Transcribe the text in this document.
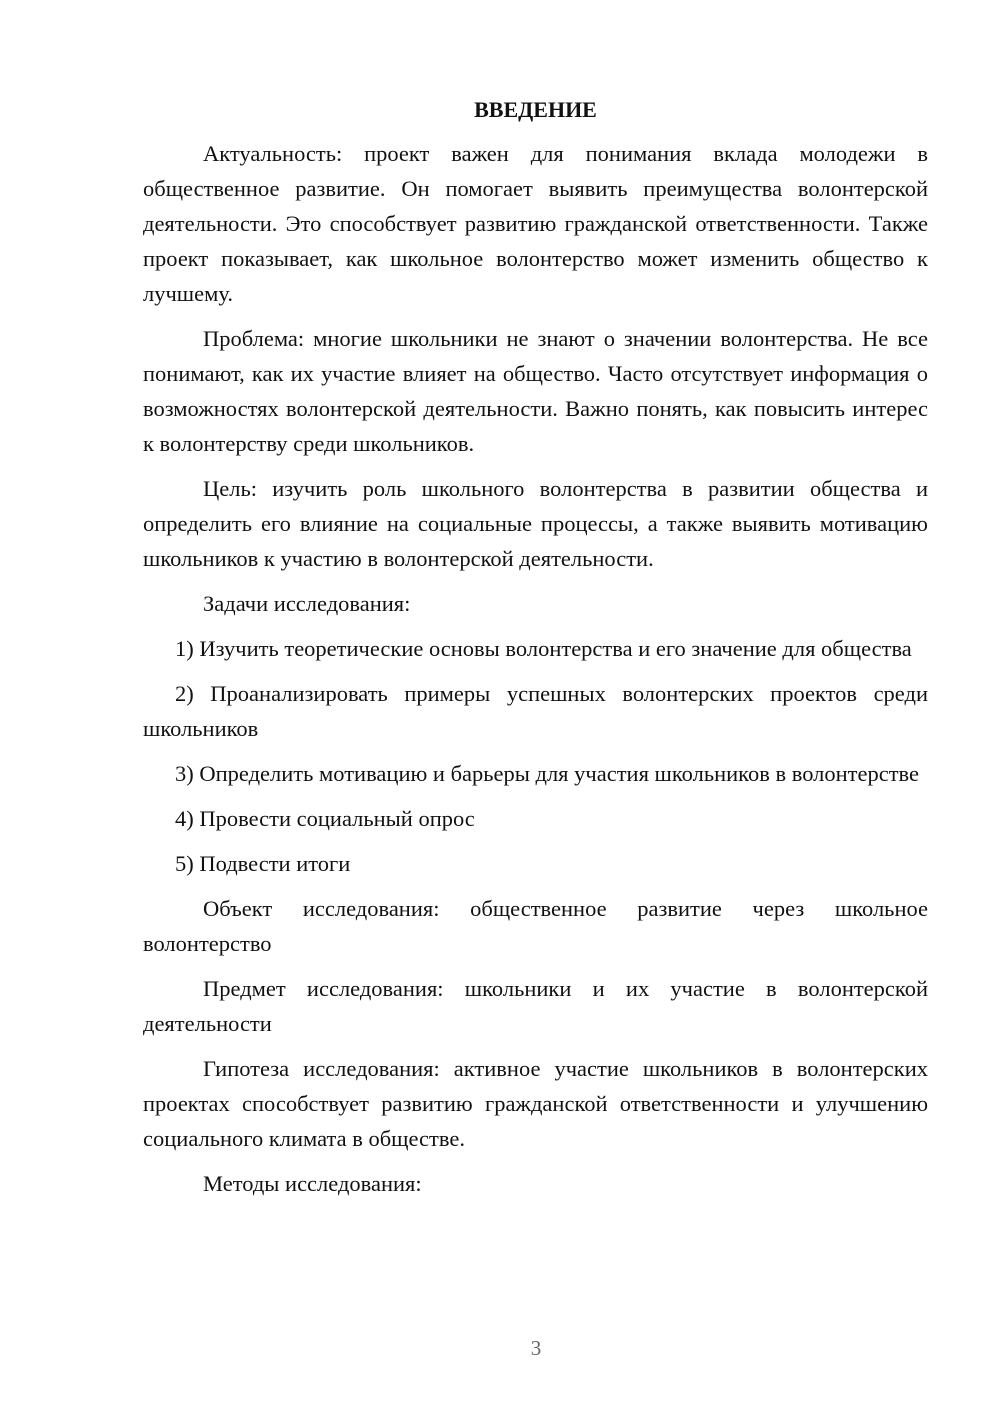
ВВЕДЕНИЕ

Актуальность: проект важен для понимания вклада молодежи в общественное развитие. Он помогает выявить преимущества волонтерской деятельности. Это способствует развитию гражданской ответственности. Также проект показывает, как школьное волонтерство может изменить общество к лучшему.

Проблема: многие школьники не знают о значении волонтерства. Не все понимают, как их участие влияет на общество. Часто отсутствует информация о возможностях волонтерской деятельности. Важно понять, как повысить интерес к волонтерству среди школьников.

Цель: изучить роль школьного волонтерства в развитии общества и определить его влияние на социальные процессы, а также выявить мотивацию школьников к участию в волонтерской деятельности.

Задачи исследования:

1) Изучить теоретические основы волонтерства и его значение для общества

2) Проанализировать примеры успешных волонтерских проектов среди школьников

3) Определить мотивацию и барьеры для участия школьников в волонтерстве

4) Провести социальный опрос

5) Подвести итоги

Объект исследования: общественное развитие через школьное волонтерство

Предмет исследования: школьники и их участие в волонтерской деятельности

Гипотеза исследования: активное участие школьников в волонтерских проектах способствует развитию гражданской ответственности и улучшению социального климата в обществе.

Методы исследования:

3
